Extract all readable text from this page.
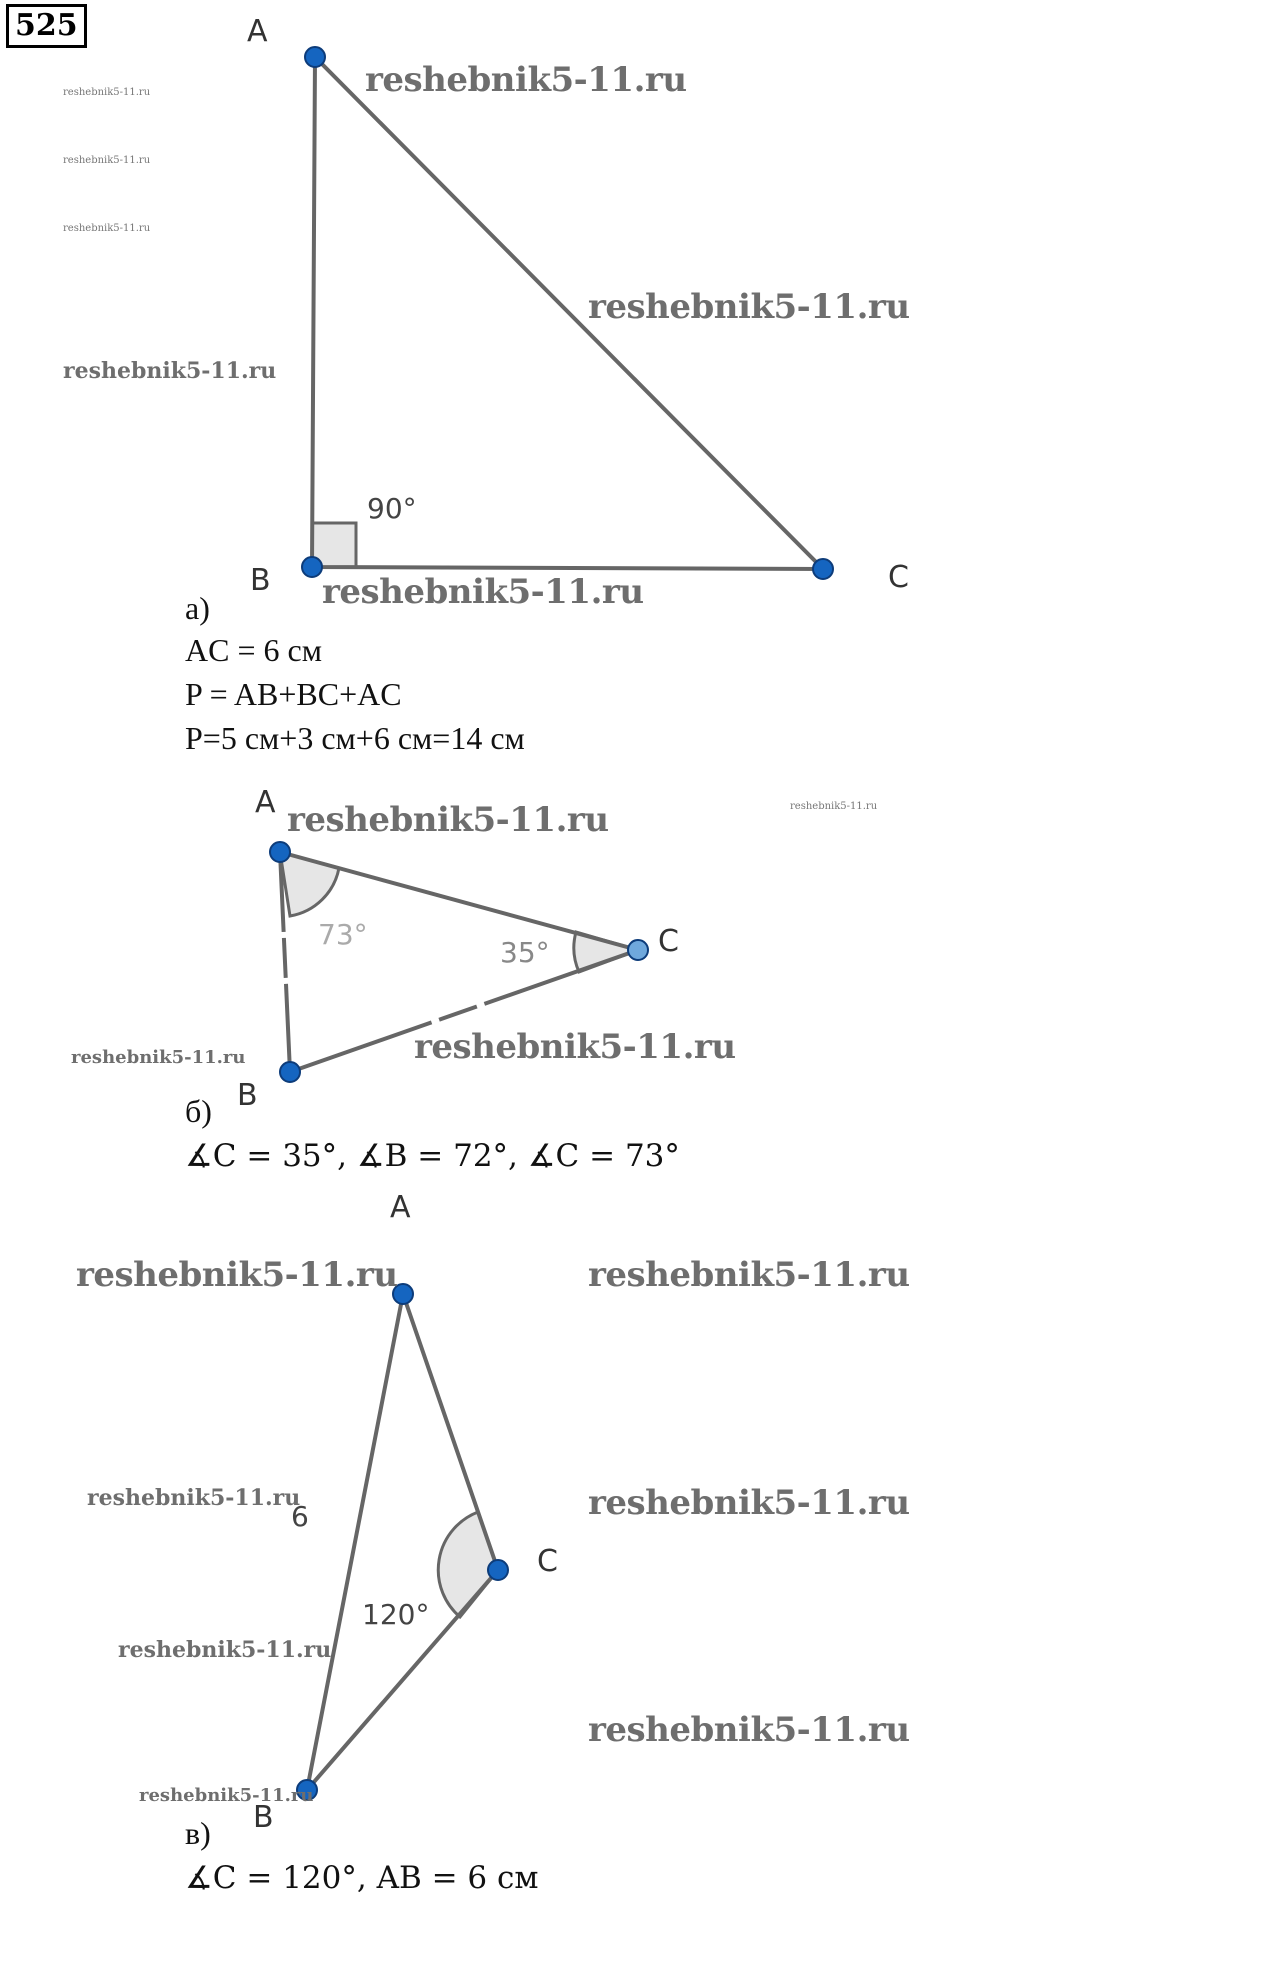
525	A
B	C
90°
а)
AC = 6 см
P = AB+BC+AC
P=5 см+3 см+6 см=14 см
A
B
C
73°
35°
б)
∡C = 35°, ∡B = 72°, ∡C = 73°
A
C
B
120°
6
в)
∡C = 120°, AB = 6 см
reshebnik5-11.ru
reshebnik5-11.ru
reshebnik5-11.ru
reshebnik5-11.ru
reshebnik5-11.ru
reshebnik5-11.ru	reshebnik5-11.ru
reshebnik5-11.ru
reshebnik5-11.ru
reshebnik5-11.ru
reshebnik5-11.ru
reshebnik5-11.ru
reshebnik5-11.ru
reshebnik5-11.ru
reshebnik5-11.ru
reshebnik5-11.ru
reshebnik5-11.ru
reshebnik5-11.ru
